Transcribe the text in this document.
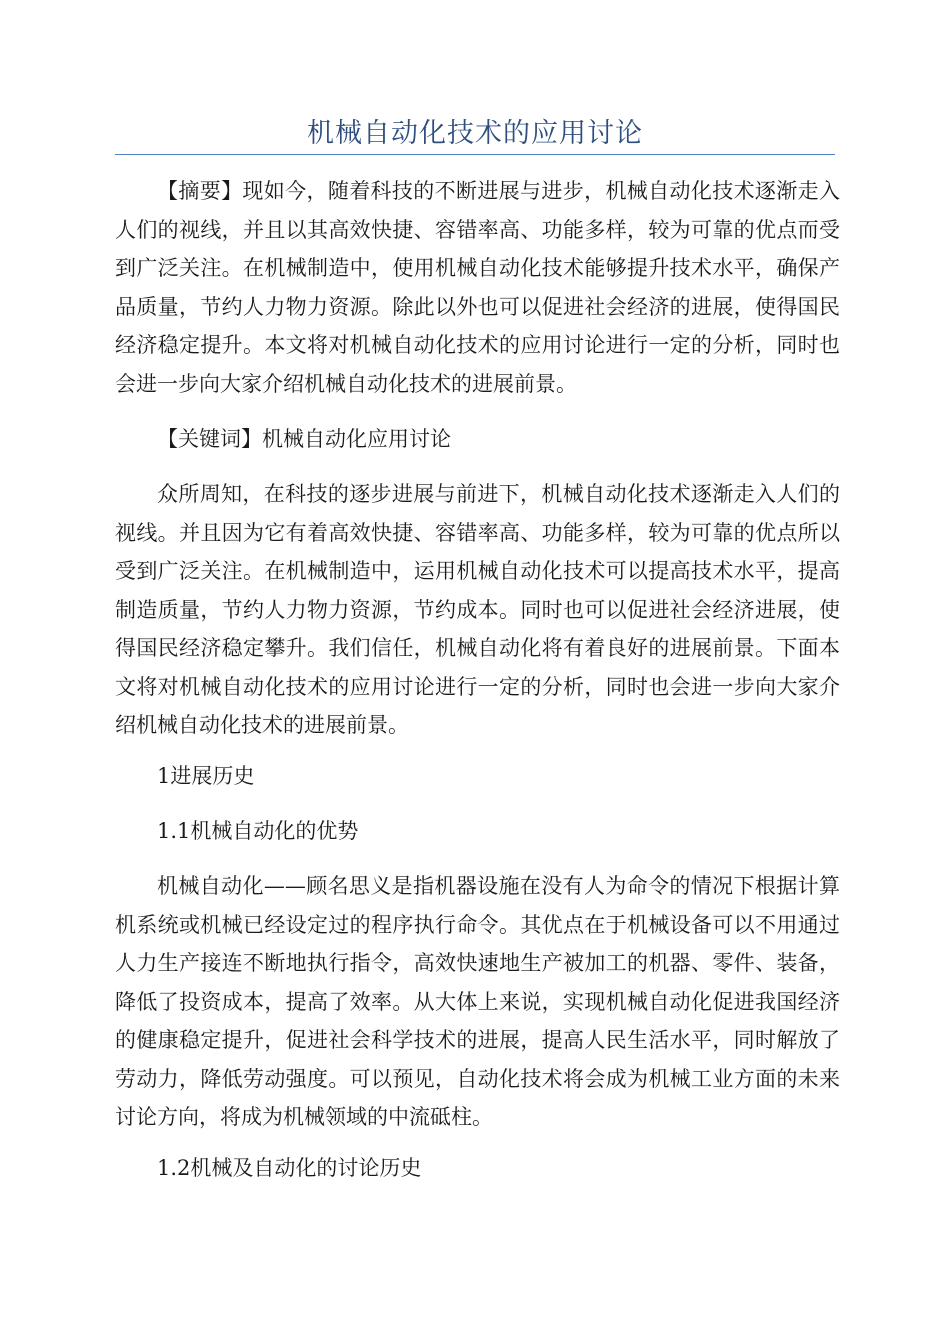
机械自动化技术的应用讨论

【摘要】现如今，随着科技的不断进展与进步，机械自动化技术逐渐走入人们的视线，并且以其高效快捷、容错率高、功能多样，较为可靠的优点而受到广泛关注。在机械制造中，使用机械自动化技术能够提升技术水平，确保产品质量，节约人力物力资源。除此以外也可以促进社会经济的进展，使得国民经济稳定提升。本文将对机械自动化技术的应用讨论进行一定的分析，同时也会进一步向大家介绍机械自动化技术的进展前景。

【关键词】机械自动化应用讨论

众所周知，在科技的逐步进展与前进下，机械自动化技术逐渐走入人们的视线。并且因为它有着高效快捷、容错率高、功能多样，较为可靠的优点所以受到广泛关注。在机械制造中，运用机械自动化技术可以提高技术水平，提高制造质量，节约人力物力资源，节约成本。同时也可以促进社会经济进展，使得国民经济稳定攀升。我们信任，机械自动化将有着良好的进展前景。下面本文将对机械自动化技术的应用讨论进行一定的分析，同时也会进一步向大家介绍机械自动化技术的进展前景。

1进展历史

1.1机械自动化的优势

机械自动化——顾名思义是指机器设施在没有人为命令的情况下根据计算机系统或机械已经设定过的程序执行命令。其优点在于机械设备可以不用通过人力生产接连不断地执行指令，高效快速地生产被加工的机器、零件、装备，降低了投资成本，提高了效率。从大体上来说，实现机械自动化促进我国经济的健康稳定提升，促进社会科学技术的进展，提高人民生活水平，同时解放了劳动力，降低劳动强度。可以预见，自动化技术将会成为机械工业方面的未来讨论方向，将成为机械领域的中流砥柱。

1.2机械及自动化的讨论历史
